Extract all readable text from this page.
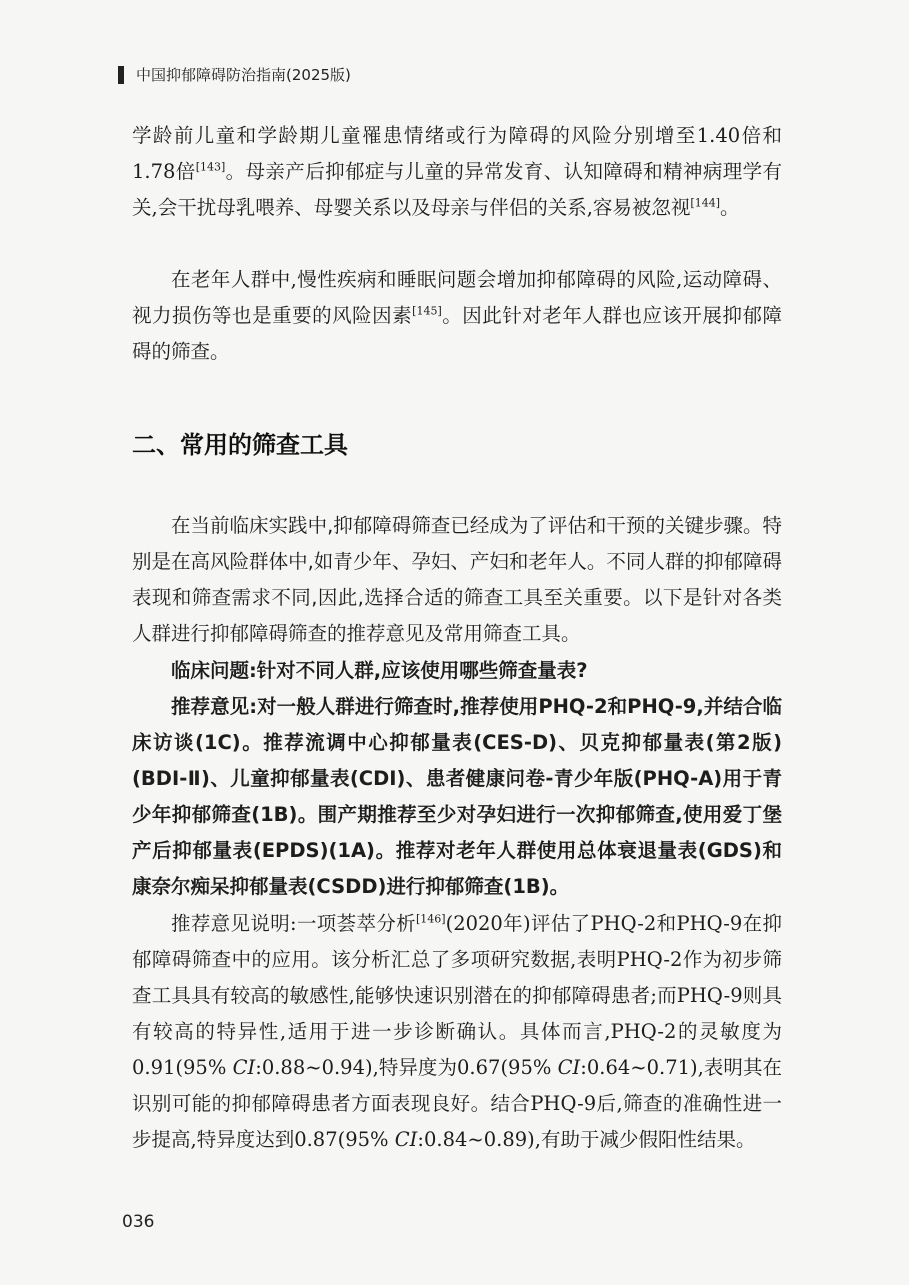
中国抑郁障碍防治指南(2025版)

学龄前儿童和学龄期儿童罹患情绪或行为障碍的风险分别增至1.40倍和1.78倍[143]。母亲产后抑郁症与儿童的异常发育、认知障碍和精神病理学有关,会干扰母乳喂养、母婴关系以及母亲与伴侣的关系,容易被忽视[144]。

在老年人群中,慢性疾病和睡眠问题会增加抑郁障碍的风险,运动障碍、视力损伤等也是重要的风险因素[145]。因此针对老年人群也应该开展抑郁障碍的筛查。

二、常用的筛查工具

在当前临床实践中,抑郁障碍筛查已经成为了评估和干预的关键步骤。特别是在高风险群体中,如青少年、孕妇、产妇和老年人。不同人群的抑郁障碍表现和筛查需求不同,因此,选择合适的筛查工具至关重要。以下是针对各类人群进行抑郁障碍筛查的推荐意见及常用筛查工具。

临床问题:针对不同人群,应该使用哪些筛查量表?

推荐意见:对一般人群进行筛查时,推荐使用PHQ-2和PHQ-9,并结合临床访谈(1C)。推荐流调中心抑郁量表(CES-D)、贝克抑郁量表(第2版)(BDI-Ⅱ)、儿童抑郁量表(CDI)、患者健康问卷-青少年版(PHQ-A)用于青少年抑郁筛查(1B)。围产期推荐至少对孕妇进行一次抑郁筛查,使用爱丁堡产后抑郁量表(EPDS)(1A)。推荐对老年人群使用总体衰退量表(GDS)和康奈尔痴呆抑郁量表(CSDD)进行抑郁筛查(1B)。

推荐意见说明:一项荟萃分析[146](2020年)评估了PHQ-2和PHQ-9在抑郁障碍筛查中的应用。该分析汇总了多项研究数据,表明PHQ-2作为初步筛查工具具有较高的敏感性,能够快速识别潜在的抑郁障碍患者;而PHQ-9则具有较高的特异性,适用于进一步诊断确认。具体而言,PHQ-2的灵敏度为0.91(95% CI:0.88~0.94),特异度为0.67(95% CI:0.64~0.71),表明其在识别可能的抑郁障碍患者方面表现良好。结合PHQ-9后,筛查的准确性进一步提高,特异度达到0.87(95% CI:0.84~0.89),有助于减少假阳性结果。

036
